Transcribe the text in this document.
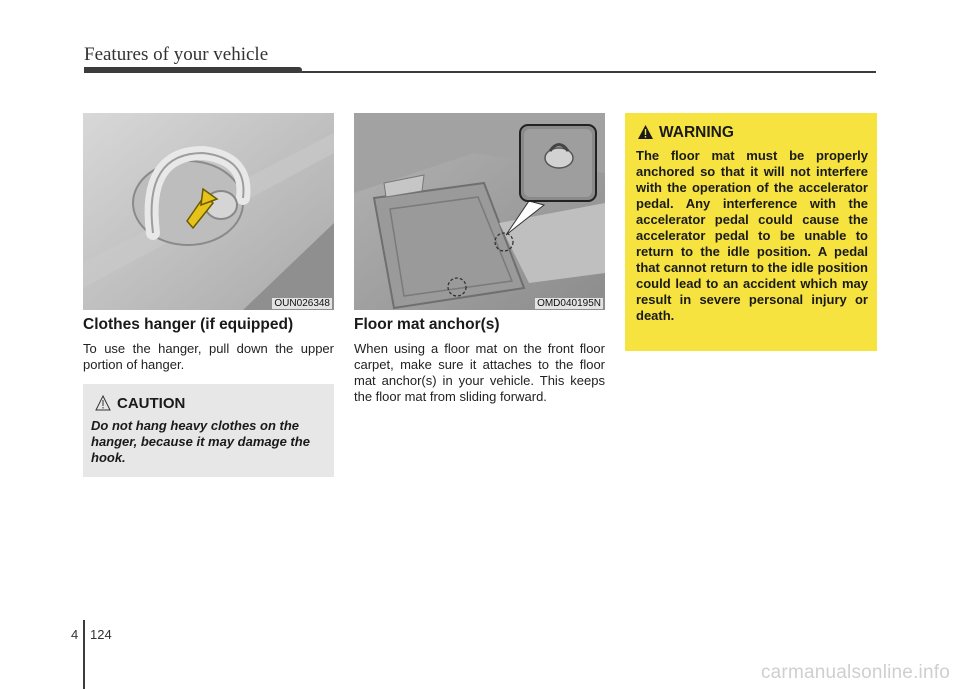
Features of your vehicle
OUN026348
Clothes hanger (if equipped)
To use the hanger, pull down the upper portion of hanger.
CAUTION
Do not hang heavy clothes on the hanger, because it may damage the hook.
OMD040195N
Floor mat anchor(s)
When using a floor mat on the front floor carpet, make sure it attaches to the floor mat anchor(s) in your vehicle. This keeps the floor mat from sliding forward.
WARNING
The floor mat must be properly anchored so that it will not interfere with the operation of the accelerator pedal. Any interference with the accelerator pedal could cause the accelerator pedal to be unable to return to the idle position. A pedal that cannot return to the idle position could lead to an accident which may result in severe personal injury or death.
4 124
carmanualsonline.info
